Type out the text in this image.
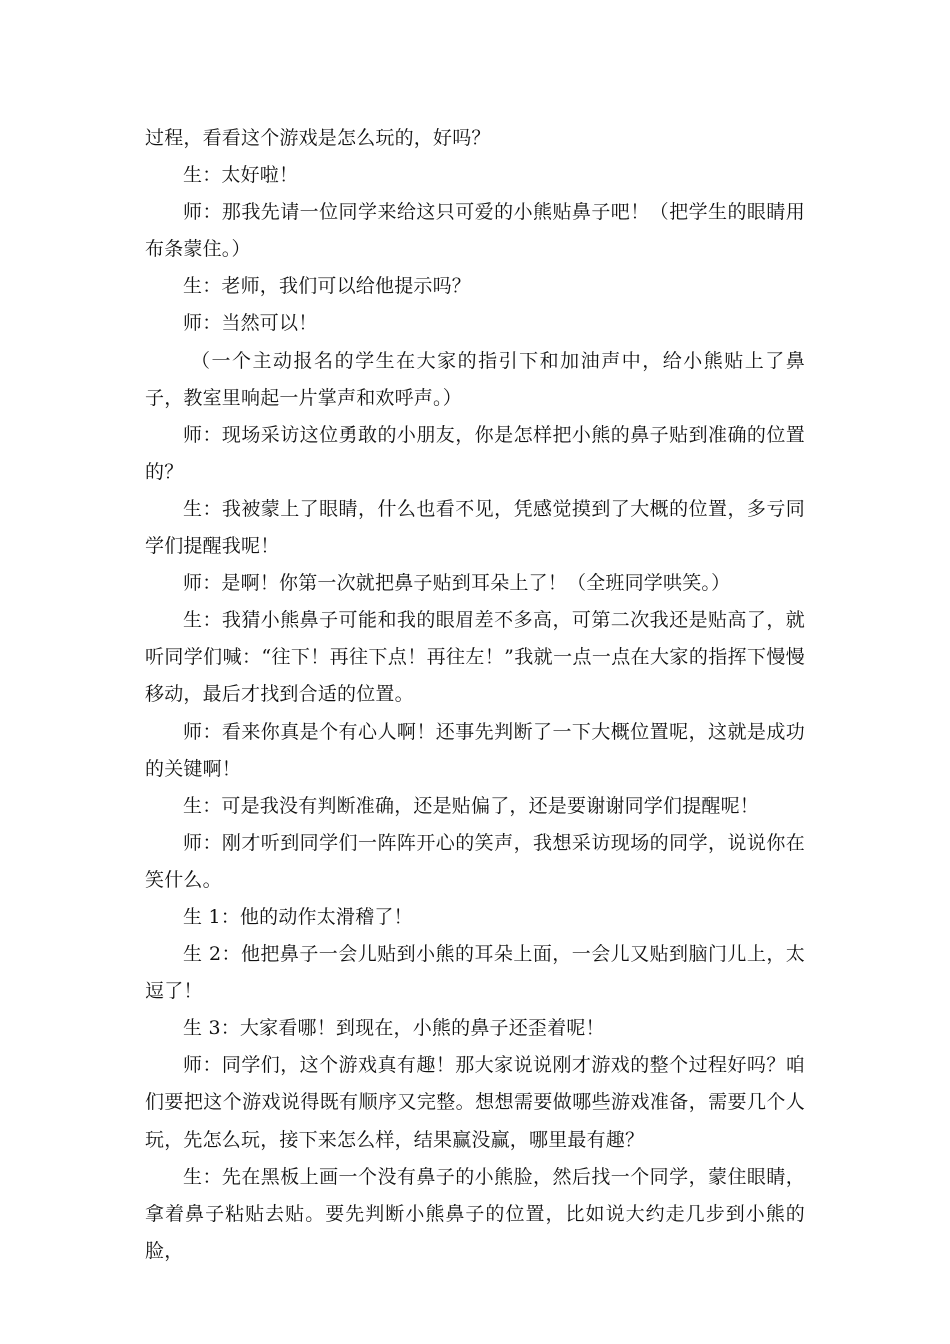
过程，看看这个游戏是怎么玩的，好吗？

生：太好啦！

师：那我先请一位同学来给这只可爱的小熊贴鼻子吧！（把学生的眼睛用布条蒙住。）

生：老师，我们可以给他提示吗？

师：当然可以！

（一个主动报名的学生在大家的指引下和加油声中，给小熊贴上了鼻子，教室里响起一片掌声和欢呼声。）

师：现场采访这位勇敢的小朋友，你是怎样把小熊的鼻子贴到准确的位置的？

生：我被蒙上了眼睛，什么也看不见，凭感觉摸到了大概的位置，多亏同学们提醒我呢！

师：是啊！你第一次就把鼻子贴到耳朵上了！（全班同学哄笑。）

生：我猜小熊鼻子可能和我的眼眉差不多高，可第二次我还是贴高了，就听同学们喊：“往下！再往下点！再往左！”我就一点一点在大家的指挥下慢慢移动，最后才找到合适的位置。

师：看来你真是个有心人啊！还事先判断了一下大概位置呢，这就是成功的关键啊！

生：可是我没有判断准确，还是贴偏了，还是要谢谢同学们提醒呢！

师：刚才听到同学们一阵阵开心的笑声，我想采访现场的同学，说说你在笑什么。

生 1：他的动作太滑稽了！

生 2：他把鼻子一会儿贴到小熊的耳朵上面，一会儿又贴到脑门儿上，太逗了！

生 3：大家看哪！到现在，小熊的鼻子还歪着呢！

师：同学们，这个游戏真有趣！那大家说说刚才游戏的整个过程好吗？咱们要把这个游戏说得既有顺序又完整。想想需要做哪些游戏准备，需要几个人玩，先怎么玩，接下来怎么样，结果赢没赢，哪里最有趣？

生：先在黑板上画一个没有鼻子的小熊脸，然后找一个同学，蒙住眼睛，拿着鼻子粘贴去贴。要先判断小熊鼻子的位置，比如说大约走几步到小熊的脸，
